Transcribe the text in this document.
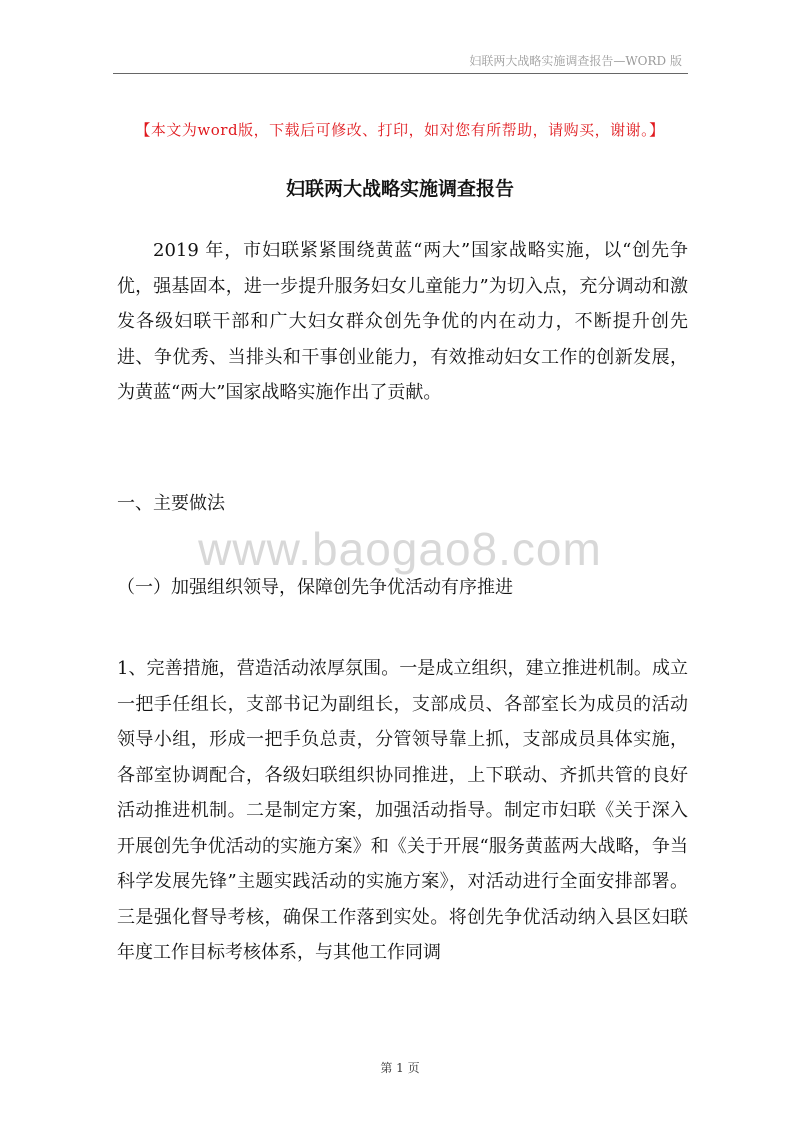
妇联两大战略实施调查报告—WORD 版
【本文为word版，下载后可修改、打印，如对您有所帮助，请购买，谢谢。】
妇联两大战略实施调查报告

2019 年，市妇联紧紧围绕黄蓝“两大”国家战略实施，以“创先争优，强基固本，进一步提升服务妇女儿童能力”为切入点，充分调动和激发各级妇联干部和广大妇女群众创先争优的内在动力，不断提升创先进、争优秀、当排头和干事创业能力，有效推动妇女工作的创新发展，为黄蓝“两大”国家战略实施作出了贡献。

一、主要做法
www.baogao8.com
（一）加强组织领导，保障创先争优活动有序推进

1、完善措施，营造活动浓厚氛围。一是成立组织，建立推进机制。成立一把手任组长，支部书记为副组长，支部成员、各部室长为成员的活动领导小组，形成一把手负总责，分管领导靠上抓，支部成员具体实施，各部室协调配合，各级妇联组织协同推进，上下联动、齐抓共管的良好活动推进机制。二是制定方案，加强活动指导。制定市妇联《关于深入开展创先争优活动的实施方案》和《关于开展“服务黄蓝两大战略，争当科学发展先锋”主题实践活动的实施方案》，对活动进行全面安排部署。三是强化督导考核，确保工作落到实处。将创先争优活动纳入县区妇联年度工作目标考核体系，与其他工作同调

第 1 页
